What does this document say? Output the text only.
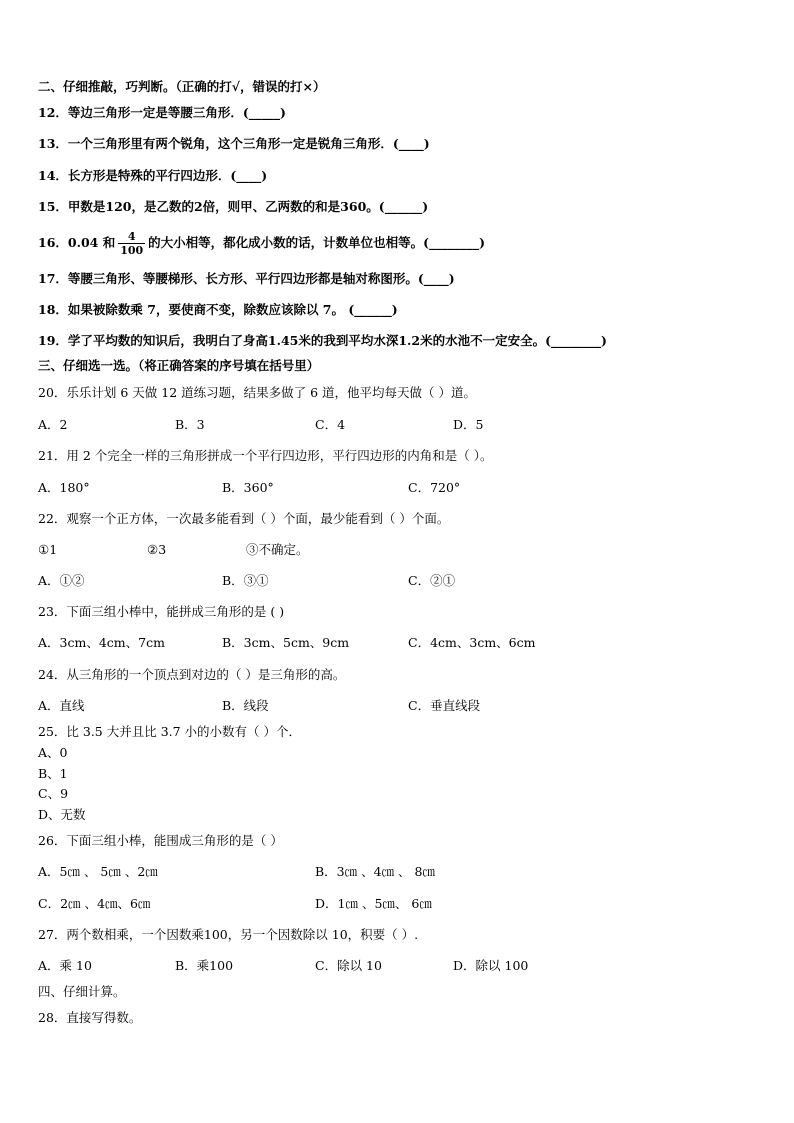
二、仔细推敲，巧判断。（正确的打√，错误的打×）
12．等边三角形一定是等腰三角形．(_____)
13．一个三角形里有两个锐角，这个三角形一定是锐角三角形．(____)
14．长方形是特殊的平行四边形．(____)
15．甲数是120，是乙数的2倍，则甲、乙两数的和是360。(______)
16．0.04 和 $\frac{4}{100}$ 的大小相等，都化成小数的话，计数单位也相等。(________)
17．等腰三角形、等腰梯形、长方形、平行四边形都是轴对称图形。(____)
18．如果被除数乘 7，要使商不变，除数应该除以 7。 (______)
19．学了平均数的知识后，我明白了身高1.45米的我到平均水深1.2米的水池不一定安全。(________)
三、仔细选一选。（将正确答案的序号填在括号里）
20．乐乐计划 6 天做 12 道练习题，结果多做了 6 道，他平均每天做（ ）道。
A．2	B．3	C．4	D．5
21．用 2 个完全一样的三角形拼成一个平行四边形，平行四边形的内角和是（ ）。
A．180°	B．360°	C．720°
22．观察一个正方体，一次最多能看到（ ）个面，最少能看到（ ）个面。
①1	②3	③不确定。
A．①②	B．③①	C．②①
23．下面三组小棒中，能拼成三角形的是 ( )
A．3cm、4cm、7cm	B．3cm、5cm、9cm	C．4cm、3cm、6cm
24．从三角形的一个顶点到对边的（ ）是三角形的高。
A．直线	B．线段	C．垂直线段
25．比 3.5 大并且比 3.7 小的小数有（ ）个．
A、0
B、1
C、9
D、无数
26．下面三组小棒，能围成三角形的是（ ）
A．5㎝ 、 5㎝ 、2㎝	B．3㎝ 、4㎝ 、 8㎝
C．2㎝ 、4㎝、6㎝	D．1㎝ 、5㎝、 6㎝
27．两个数相乘，一个因数乘100，另一个因数除以 10，积要（ ）.
A．乘 10	B．乘100	C．除以 10	D．除以 100
四、仔细计算。
28．直接写得数。
